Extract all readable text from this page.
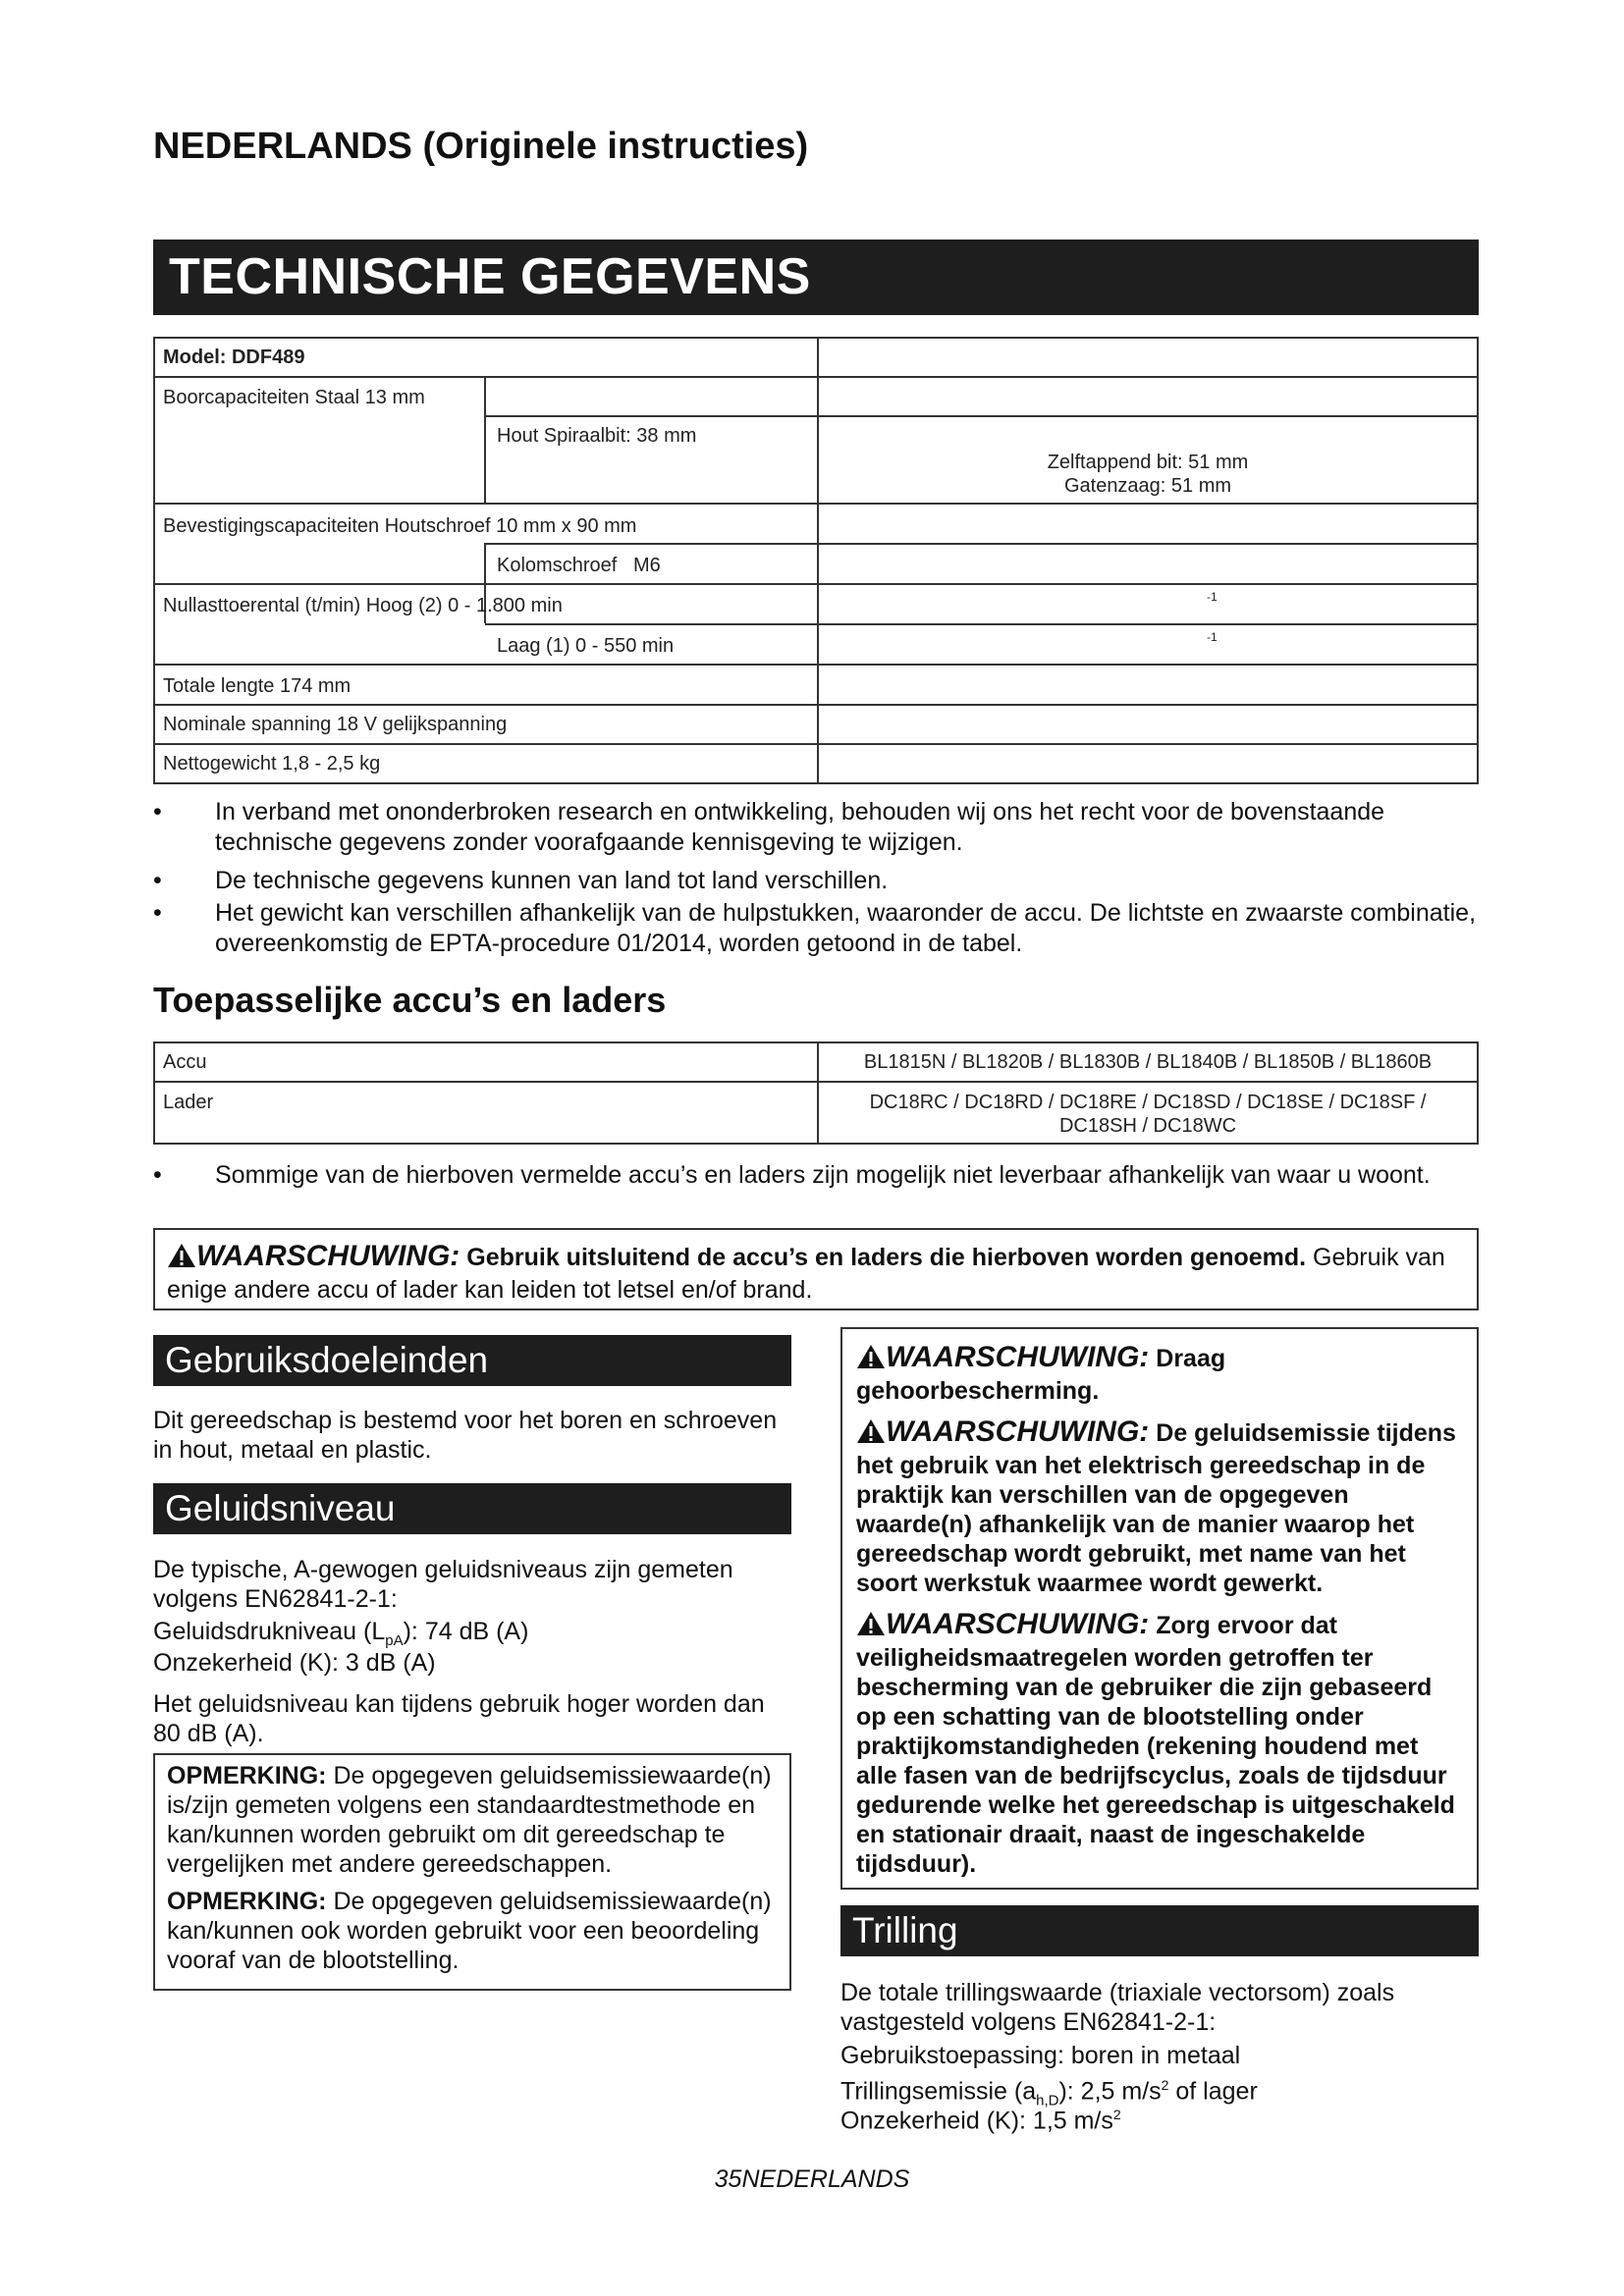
NEDERLANDS (Originele instructies)
TECHNISCHE GEGEVENS
Model: DDF489
Boorcapaciteiten Staal 13 mm
Hout Spiraalbit: 38 mm
Zelftappend bit: 51 mm
Gatenzaag: 51 mm
Bevestigingscapaciteiten Houtschroef 10 mm x 90 mm
Kolomschroef   M6
Nullasttoerental (t/min) Hoog (2) 0 - 1.800 min	-1
Laag (1) 0 - 550 min	-1
Totale lengte 174 mm
Nominale spanning 18 V gelijkspanning
Nettogewicht 1,8 - 2,5 kg
•	In verband met ononderbroken research en ontwikkeling, behouden wij ons het recht voor de bovenstaande technische gegevens zonder voorafgaande kennisgeving te wijzigen.
•	De technische gegevens kunnen van land tot land verschillen.
•	Het gewicht kan verschillen afhankelijk van de hulpstukken, waaronder de accu. De lichtste en zwaarste combinatie, overeenkomstig de EPTA-procedure 01/2014, worden getoond in de tabel.
Toepasselijke accu’s en laders
Accu	BL1815N / BL1820B / BL1830B / BL1840B / BL1850B / BL1860B
Lader	DC18RC / DC18RD / DC18RE / DC18SD / DC18SE / DC18SF /
DC18SH / DC18WC
•	Sommige van de hierboven vermelde accu’s en laders zijn mogelijk niet leverbaar afhankelijk van waar u woont.
WAARSCHUWING: Gebruik uitsluitend de accu’s en laders die hierboven worden genoemd. Gebruik van enige andere accu of lader kan leiden tot letsel en/of brand.
Gebruiksdoeleinden
Dit gereedschap is bestemd voor het boren en schroeven in hout, metaal en plastic.
Geluidsniveau
De typische, A-gewogen geluidsniveaus zijn gemeten volgens EN62841-2-1:
Geluidsdrukniveau $(L_{pA})$: 74 dB (A)
Onzekerheid (K): 3 dB (A)
Het geluidsniveau kan tijdens gebruik hoger worden dan 80 dB (A).
OPMERKING: De opgegeven geluidsemissiewaarde(n) is/zijn gemeten volgens een standaardtestmethode en kan/kunnen worden gebruikt om dit gereedschap te vergelijken met andere gereedschappen.
OPMERKING: De opgegeven geluidsemissiewaarde(n) kan/kunnen ook worden gebruikt voor een beoordeling vooraf van de blootstelling.
WAARSCHUWING: Draag gehoorbescherming.
WAARSCHUWING: De geluidsemissie tijdens het gebruik van het elektrisch gereedschap in de praktijk kan verschillen van de opgegeven waarde(n) afhankelijk van de manier waarop het gereedschap wordt gebruikt, met name van het soort werkstuk waarmee wordt gewerkt.
WAARSCHUWING: Zorg ervoor dat veiligheidsmaatregelen worden getroffen ter bescherming van de gebruiker die zijn gebaseerd op een schatting van de blootstelling onder praktijkomstandigheden (rekening houdend met alle fasen van de bedrijfscyclus, zoals de tijdsduur gedurende welke het gereedschap is uitgeschakeld en stationair draait, naast de ingeschakelde tijdsduur).
Trilling
De totale trillingswaarde (triaxiale vectorsom) zoals vastgesteld volgens EN62841-2-1:
Gebruikstoepassing: boren in metaal
Trillingsemissie $(a_{h,D})$: 2,5 $m/s^2$ of lager
Onzekerheid (K): 1,5 $m/s^2$
35NEDERLANDS
